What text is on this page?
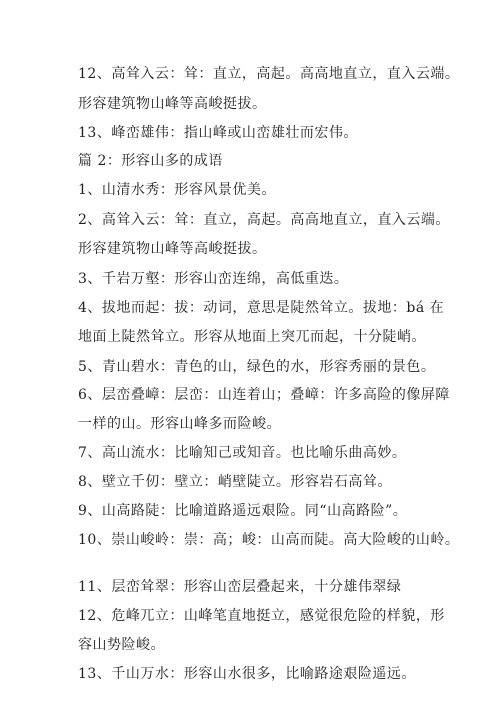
12、高耸入云：耸：直立，高起。高高地直立，直入云端。
形容建筑物山峰等高峻挺拔。
13、峰峦雄伟：指山峰或山峦雄壮而宏伟。
篇 2：形容山多的成语
1、山清水秀：形容风景优美。
2、高耸入云：耸：直立，高起。高高地直立，直入云端。
形容建筑物山峰等高峻挺拔。
3、千岩万壑：形容山峦连绵，高低重迭。
4、拔地而起：拔：动词，意思是陡然耸立。拔地：bá 在
地面上陡然耸立。形容从地面上突兀而起，十分陡峭。
5、青山碧水：青色的山，绿色的水，形容秀丽的景色。
6、层峦叠嶂：层峦：山连着山；叠嶂：许多高险的像屏障
一样的山。形容山峰多而险峻。
7、高山流水：比喻知己或知音。也比喻乐曲高妙。
8、壁立千仞：壁立：峭壁陡立。形容岩石高耸。
9、山高路陡：比喻道路遥远艰险。同“山高路险”。
10、崇山峻岭：崇：高；峻：山高而陡。高大险峻的山岭。
11、层峦耸翠：形容山峦层叠起来，十分雄伟翠绿
12、危峰兀立：山峰笔直地挺立，感觉很危险的样貌，形
容山势险峻。
13、千山万水：形容山水很多，比喻路途艰险遥远。
